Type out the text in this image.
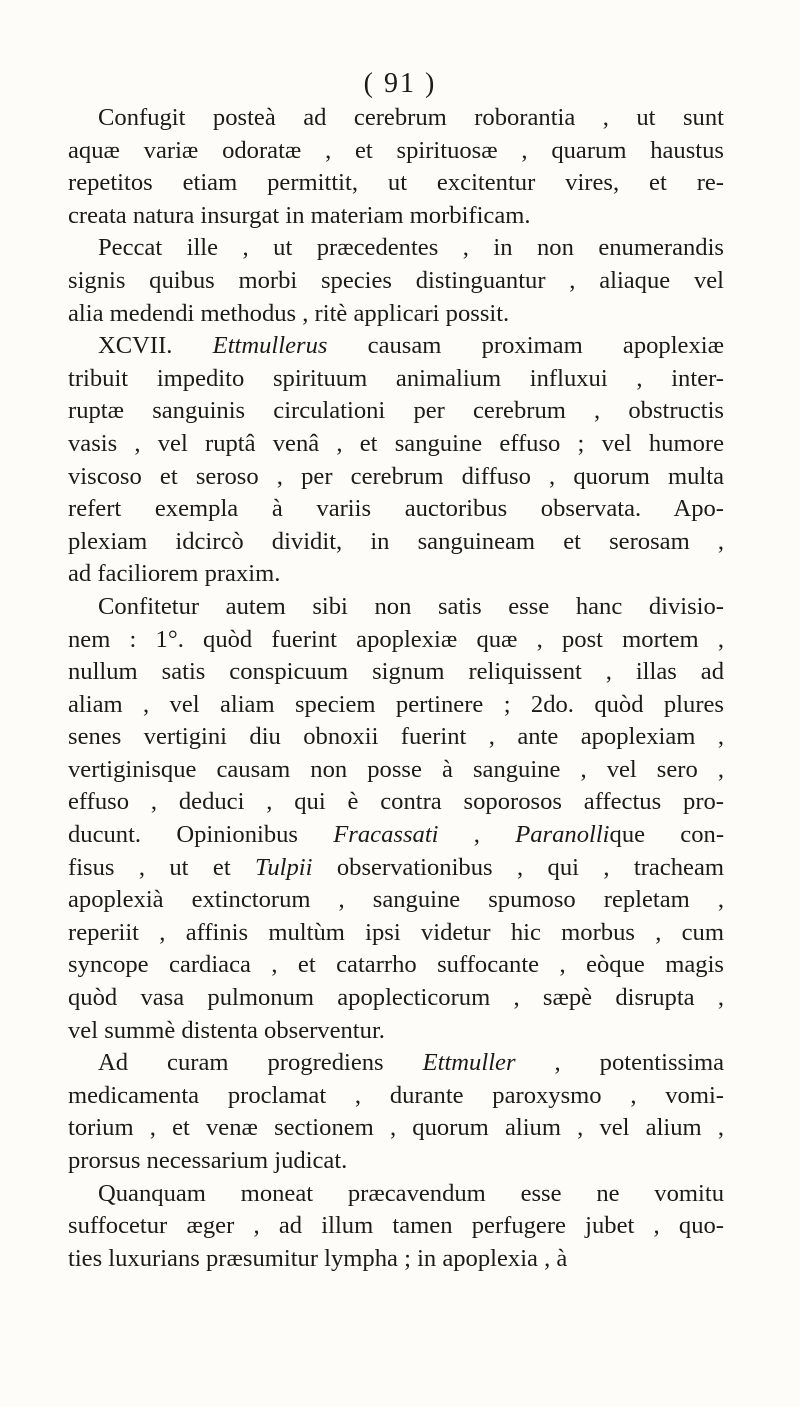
( 91 )
Confugit posteà ad cerebrum roborantia , ut sunt
aquæ variæ odoratæ , et spirituosæ , quarum haustus
repetitos etiam permittit, ut excitentur vires, et re-
creata natura insurgat in materiam morbificam.
Peccat ille , ut præcedentes , in non enumerandis
signis quibus morbi species distinguantur , aliaque vel
alia medendi methodus , ritè applicari possit.
XCVII. Ettmullerus causam proximam apoplexiæ
tribuit impedito spirituum animalium influxui , inter-
ruptæ sanguinis circulationi per cerebrum , obstructis
vasis , vel ruptâ venâ , et sanguine effuso ; vel humore
viscoso et seroso , per cerebrum diffuso , quorum multa
refert exempla à variis auctoribus observata. Apo-
plexiam idcircò dividit, in sanguineam et serosam ,
ad faciliorem praxim.
Confitetur autem sibi non satis esse hanc divisio-
nem : 1°. quòd fuerint apoplexiæ quæ , post mortem ,
nullum satis conspicuum signum reliquissent , illas ad
aliam , vel aliam speciem pertinere ; 2do. quòd plures
senes vertigini diu obnoxii fuerint , ante apoplexiam ,
vertiginisque causam non posse à sanguine , vel sero ,
effuso , deduci , qui è contra soporosos affectus pro-
ducunt. Opinionibus Fracassati , Paranollique con-
fisus , ut et Tulpii observationibus , qui , tracheam
apoplexià extinctorum , sanguine spumoso repletam ,
reperiit , affinis multùm ipsi videtur hic morbus , cum
syncope cardiaca , et catarrho suffocante , eòque magis
quòd vasa pulmonum apoplecticorum , sæpè disrupta ,
vel summè distenta observentur.
Ad curam progrediens Ettmuller , potentissima
medicamenta proclamat , durante paroxysmo , vomi-
torium , et venæ sectionem , quorum alium , vel alium ,
prorsus necessarium judicat.
Quanquam moneat præcavendum esse ne vomitu
suffocetur æger , ad illum tamen perfugere jubet , quo-
ties luxurians præsumitur lympha ; in apoplexia , à
